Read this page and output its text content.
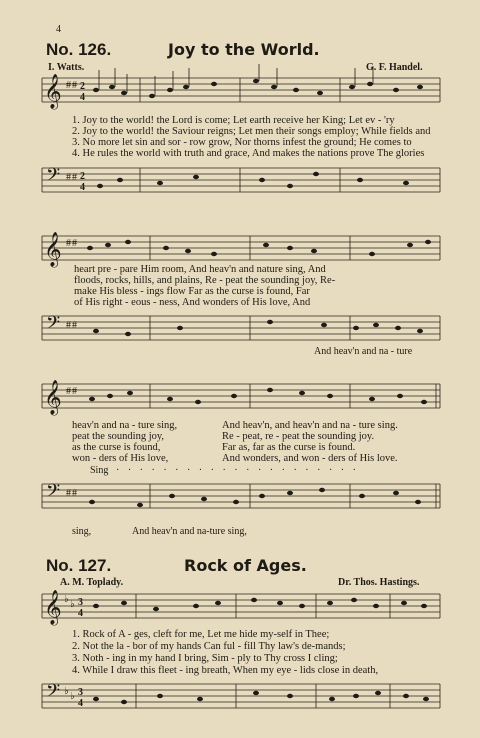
4
No. 126.	Joy to the World.
I. Watts.	G. F. Handel.
𝄞 # # 2
4
1. Joy to the world! the Lord is come; Let earth receive her King; Let ev - 'ry
2. Joy to the world! the Saviour reigns; Let men their songs employ; While fields and
3. No more let sin and sor - row grow, Nor thorns infest the ground; He comes to
4. He rules the world with truth and grace, And makes the nations prove The glories
𝄢 # # 2
4
𝄞 # #
heart pre - pare Him room, And heav'n and nature sing, And
floods, rocks, hills, and plains, Re - peat the sounding joy, Re-
make His bless - ings flow Far as the curse is found, Far
of His right - eous - ness, And wonders of His love, And
𝄢 # #
And heav'n and na - ture
𝄞 # #
heav'n and na - ture sing,
peat the sounding joy,
as the curse is found,
won - ders of His love,
And heav'n, and heav'n and na - ture sing.
Re - peat, re - peat the sounding joy.
Far as, far as the curse is found.
And wonders, and won - ders of His love.
Sing · · · · · · · · · · · · · · · · · · · · ·
𝄢 # #
sing,	And heav'n and na-ture sing,
No. 127.	Rock of Ages.
A. M. Toplady.	Dr. Thos. Hastings.
𝄞 ♭ ♭ 3
4
1. Rock of A - ges, cleft for me, Let me hide my-self in Thee;
2. Not the la - bor of my hands Can ful - fill Thy law's de-mands;
3. Noth - ing in my hand I bring, Sim - ply to Thy cross I cling;
4. While I draw this fleet - ing breath, When my eye - lids close in death,
𝄢 ♭ ♭ 3
4
